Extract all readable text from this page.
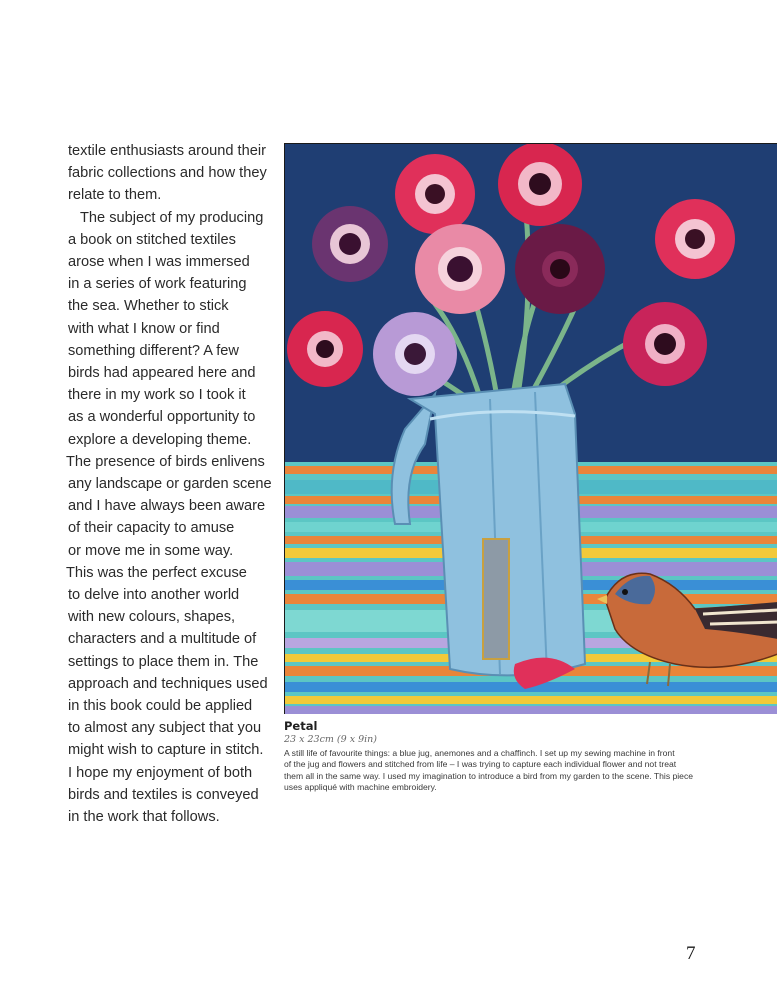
textile enthusiasts around their
fabric collections and how they
relate to them.
The subject of my producing
a book on stitched textiles
arose when I was immersed
in a series of work featuring
the sea. Whether to stick
with what I know or find
something different? A few
birds had appeared here and
there in my work so I took it
as a wonderful opportunity to
explore a developing theme.
The presence of birds enlivens
any landscape or garden scene
and I have always been aware
of their capacity to amuse
or move me in some way.
This was the perfect excuse
to delve into another world
with new colours, shapes,
characters and a multitude of
settings to place them in. The
approach and techniques used
in this book could be applied
to almost any subject that you
might wish to capture in stitch.
I hope my enjoyment of both
birds and textiles is conveyed
in the work that follows.

Petal

23 x 23cm (9 x 9in)

A still life of favourite things: a blue jug, anemones and a chaffinch. I set up my sewing machine in front
of the jug and flowers and stitched from life – I was trying to capture each individual flower and not treat
them all in the same way. I used my imagination to introduce a bird from my garden to the scene. This piece
uses appliqué with machine embroidery.

7
